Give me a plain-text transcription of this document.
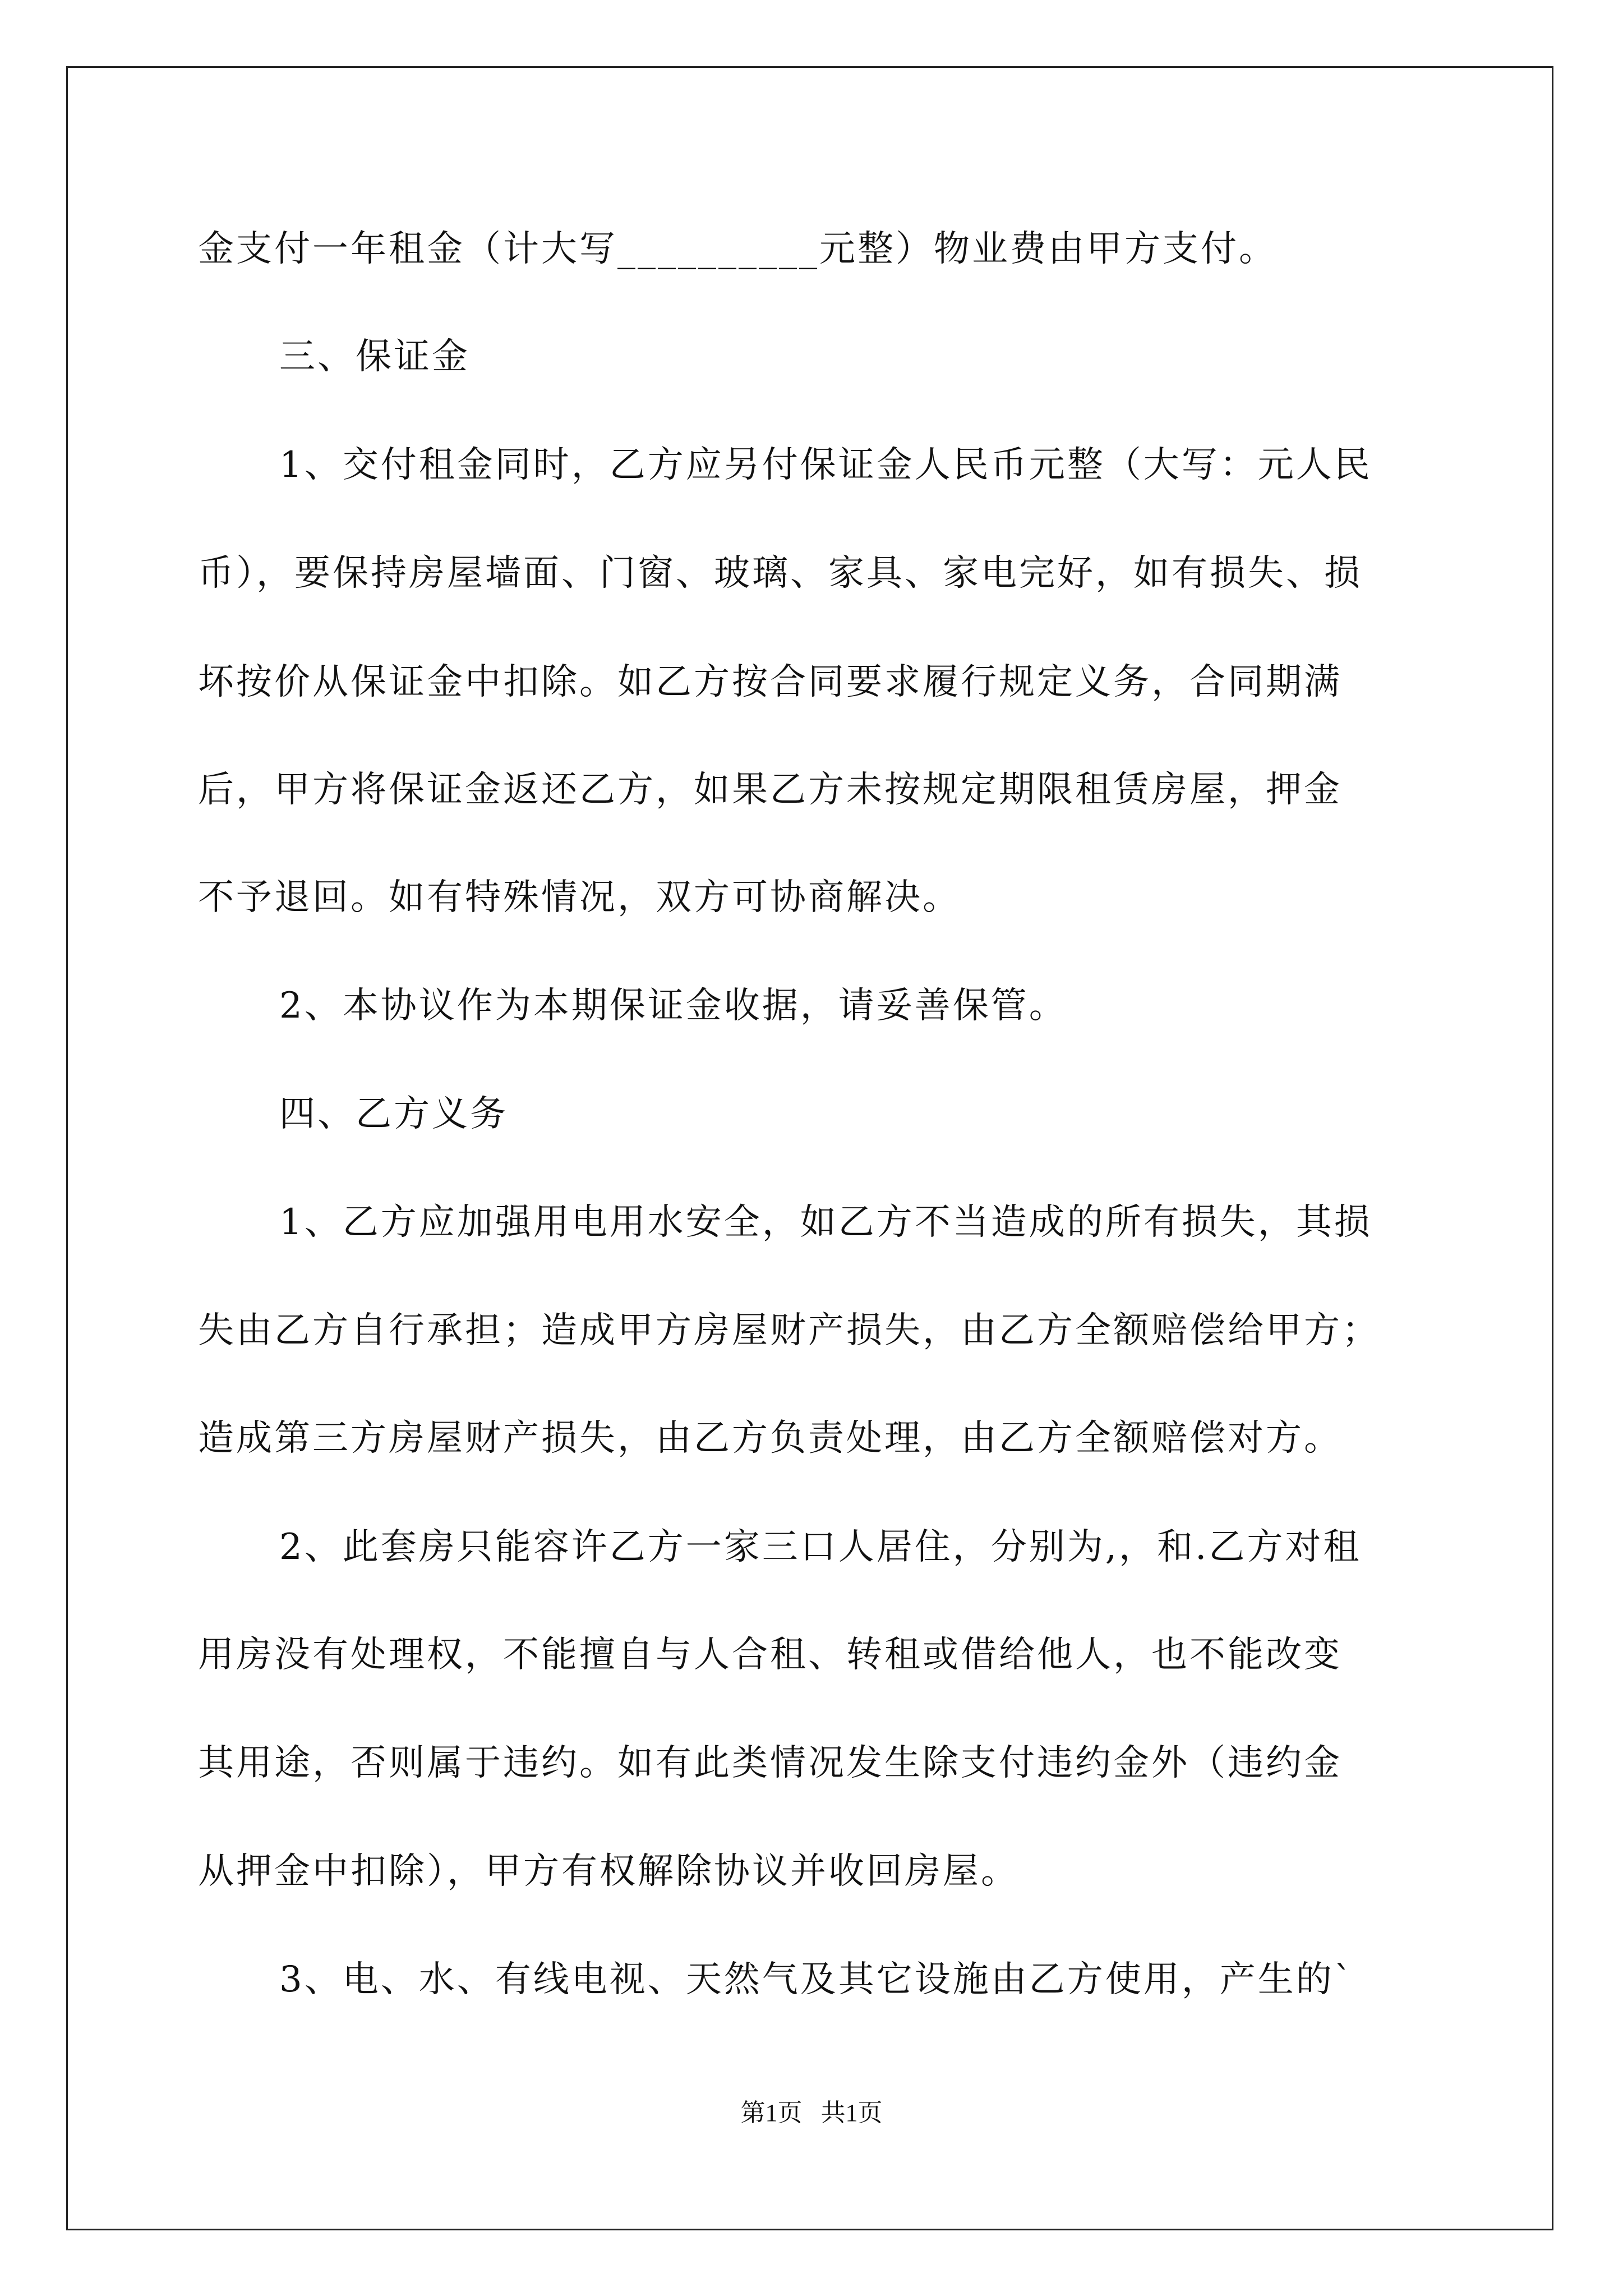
金支付一年租金（计大写__________元整）物业费由甲方支付。
三、保证金
1、交付租金同时，乙方应另付保证金人民币元整（大写：元人民
币），要保持房屋墙面、门窗、玻璃、家具、家电完好，如有损失、损
坏按价从保证金中扣除。如乙方按合同要求履行规定义务，合同期满
后，甲方将保证金返还乙方，如果乙方未按规定期限租赁房屋，押金
不予退回。如有特殊情况，双方可协商解决。
2、本协议作为本期保证金收据，请妥善保管。
四、乙方义务
1、乙方应加强用电用水安全，如乙方不当造成的所有损失，其损
失由乙方自行承担；造成甲方房屋财产损失，由乙方全额赔偿给甲方；
造成第三方房屋财产损失，由乙方负责处理，由乙方全额赔偿对方。
2、此套房只能容许乙方一家三口人居住，分别为,，和.乙方对租
用房没有处理权，不能擅自与人合租、转租或借给他人，也不能改变
其用途，否则属于违约。如有此类情况发生除支付违约金外（违约金
从押金中扣除），甲方有权解除协议并收回房屋。
3、电、水、有线电视、天然气及其它设施由乙方使用，产生的`
第1页 共1页
